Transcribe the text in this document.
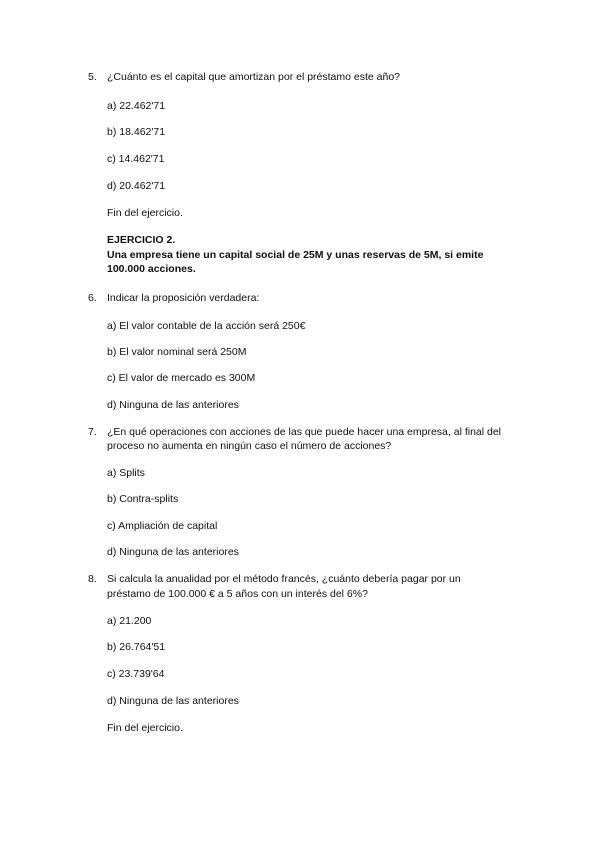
5. ¿Cuánto es el capital que amortizan por el préstamo este año?
a) 22.462'71
b) 18.462'71
c) 14.462'71
d) 20.462'71
Fin del ejercicio.
EJERCICIO 2.
Una empresa tiene un capital social de 25M y unas reservas de 5M, si emite
100.000 acciones.
6. Indicar la proposición verdadera:
a) El valor contable de la acción será 250€
b) El valor nominal será 250M
c) El valor de mercado es 300M
d) Ninguna de las anteriores
7. ¿En qué operaciones con acciones de las que puede hacer una empresa, al final del
proceso no aumenta en ningún caso el número de acciones?
a) Splits
b) Contra-splits
c) Ampliación de capital
d) Ninguna de las anteriores
8. Si calcula la anualidad por el método francés, ¿cuánto debería pagar por un
préstamo de 100.000 € a 5 años con un interés del 6%?
a) 21.200
b) 26.764'51
c) 23.739'64
d) Ninguna de las anteriores
Fin del ejercicio.
